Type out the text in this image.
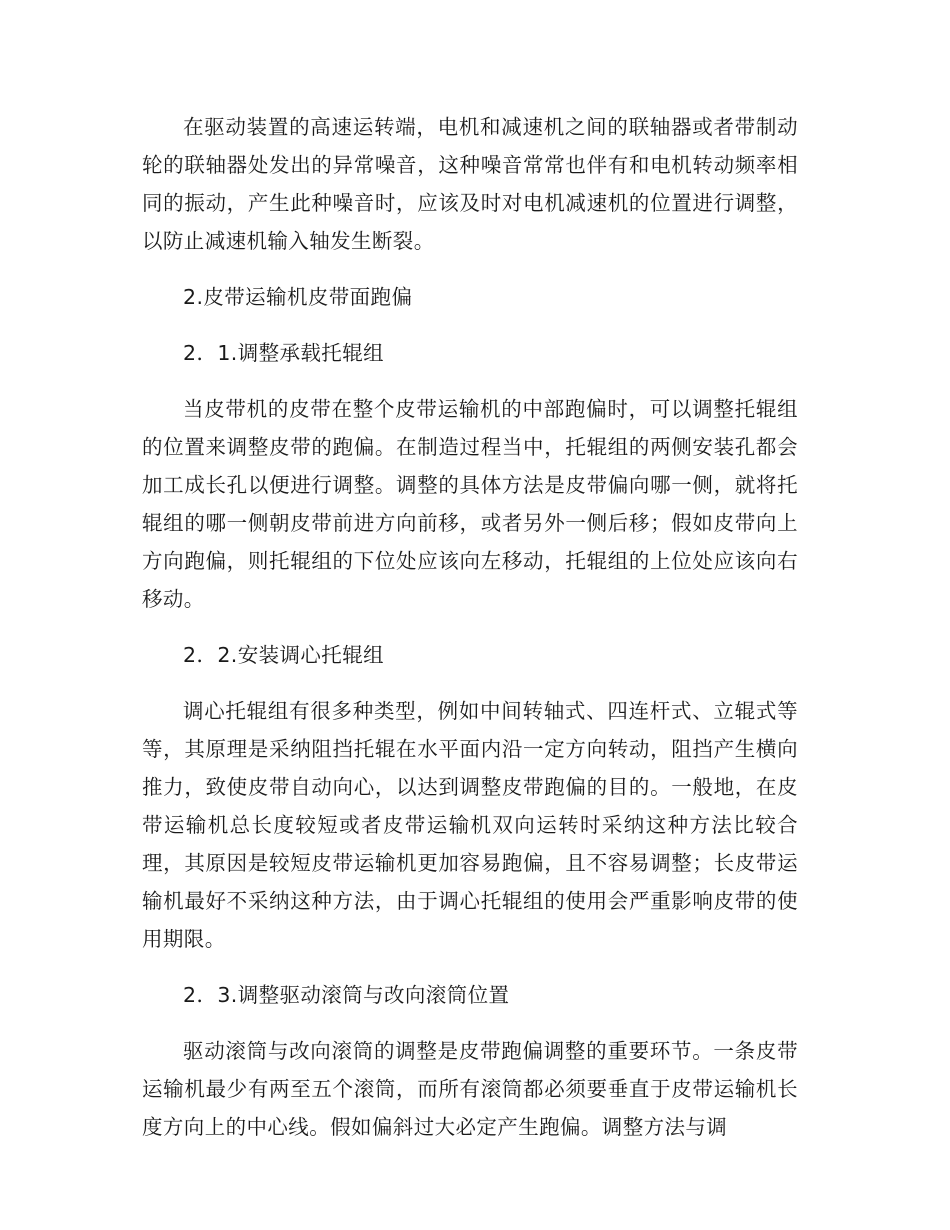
在驱动装置的高速运转端，电机和减速机之间的联轴器或者带制动轮的联轴器处发出的异常噪音，这种噪音常常也伴有和电机转动频率相同的振动，产生此种噪音时，应该及时对电机减速机的位置进行调整，以防止减速机输入轴发生断裂。

2.皮带运输机皮带面跑偏

2．1.调整承载托辊组

当皮带机的皮带在整个皮带运输机的中部跑偏时，可以调整托辊组的位置来调整皮带的跑偏。在制造过程当中，托辊组的两侧安装孔都会加工成长孔以便进行调整。调整的具体方法是皮带偏向哪一侧，就将托辊组的哪一侧朝皮带前进方向前移，或者另外一侧后移；假如皮带向上方向跑偏，则托辊组的下位处应该向左移动，托辊组的上位处应该向右移动。

2．2.安装调心托辊组

调心托辊组有很多种类型，例如中间转轴式、四连杆式、立辊式等等，其原理是采纳阻挡托辊在水平面内沿一定方向转动，阻挡产生横向推力，致使皮带自动向心，以达到调整皮带跑偏的目的。一般地，在皮带运输机总长度较短或者皮带运输机双向运转时采纳这种方法比较合理，其原因是较短皮带运输机更加容易跑偏，且不容易调整；长皮带运输机最好不采纳这种方法，由于调心托辊组的使用会严重影响皮带的使用期限。

2．3.调整驱动滚筒与改向滚筒位置

驱动滚筒与改向滚筒的调整是皮带跑偏调整的重要环节。一条皮带运输机最少有两至五个滚筒，而所有滚筒都必须要垂直于皮带运输机长度方向上的中心线。假如偏斜过大必定产生跑偏。调整方法与调
